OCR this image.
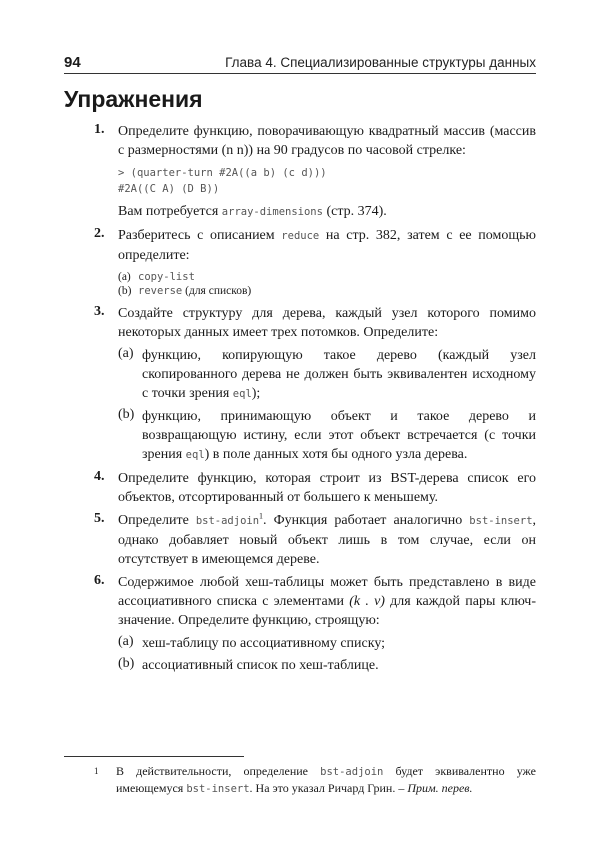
94	Глава 4. Специализированные структуры данных
Упражнения
1. Определите функцию, поворачивающую квадратный массив (массив с размерностями (n n)) на 90 градусов по часовой стрелке:

> (quarter-turn #2A((a b) (c d)))
#2A((C A) (D B))

Вам потребуется array-dimensions (стр. 374).

2. Разберитесь с описанием reduce на стр. 382, затем с ее помощью определите:

(a) copy-list
(b) reverse (для списков)
3. Создайте структуру для дерева, каждый узел которого помимо некоторых данных имеет трех потомков. Определите:

(a) функцию, копирующую такое дерево (каждый узел скопированного дерева не должен быть эквивалентен исходному с точки зрения eql);

(b) функцию, принимающую объект и такое дерево и возвращающую истину, если этот объект встречается (с точки зрения eql) в поле данных хотя бы одного узла дерева.

4. Определите функцию, которая строит из BST-дерева список его объектов, отсортированный от большего к меньшему.

5. Определите bst-adjoin$^1$. Функция работает аналогично bst-insert, однако добавляет новый объект лишь в том случае, если он отсутствует в имеющемся дереве.

6. Содержимое любой хеш-таблицы может быть представлено в виде ассоциативного списка с элементами (k . v) для каждой пары ключ-значение. Определите функцию, строящую:

(a) хеш-таблицу по ассоциативному списку;

(b) ассоциативный список по хеш-таблице.

1 В действительности, определение bst-adjoin будет эквивалентно уже имеющемуся bst-insert. На это указал Ричард Грин. – Прим. перев.
